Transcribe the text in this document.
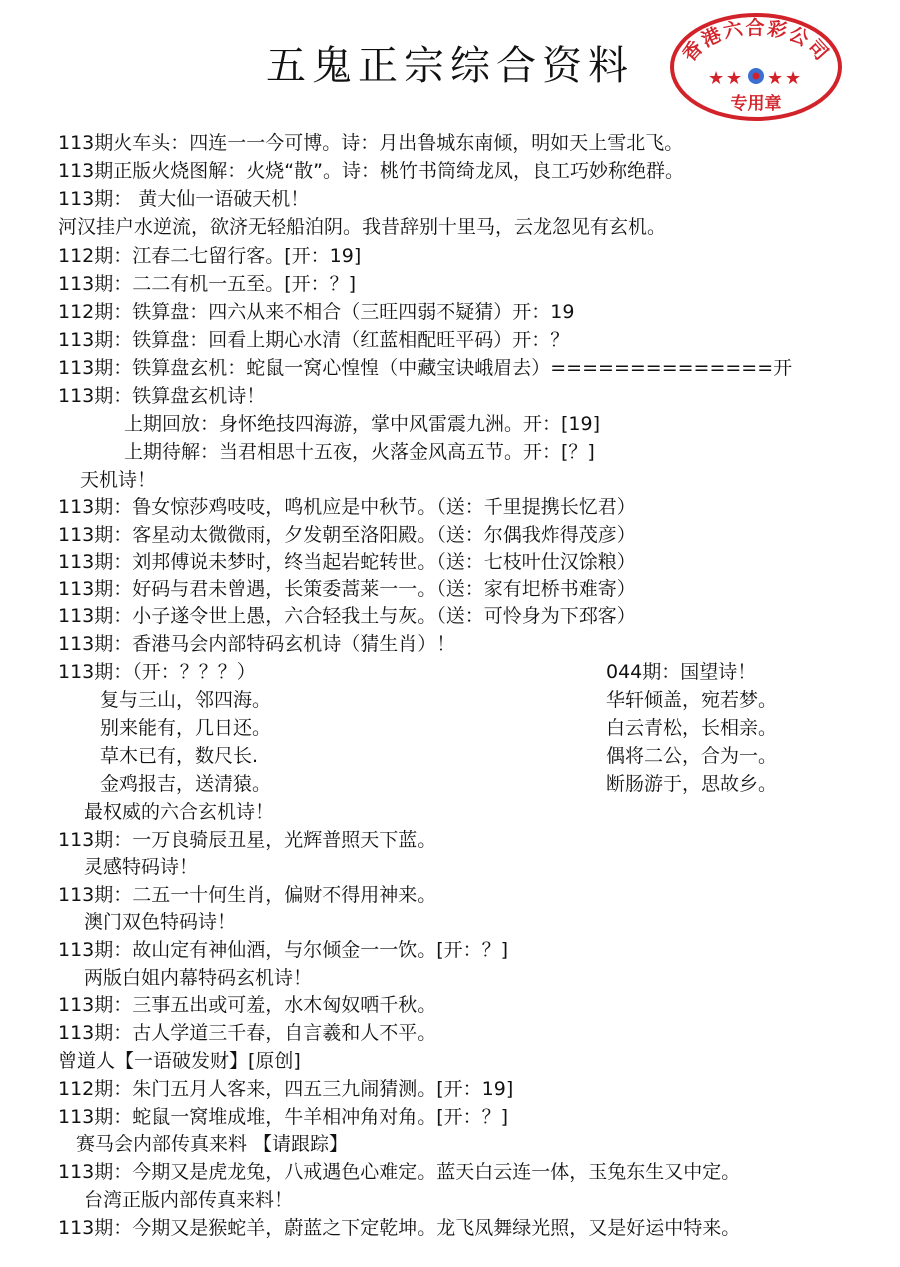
五鬼正宗综合资料	香港六合彩公司
★ ★ ★ ★
专用章
113期火车头：四连一一今可博。诗：月出鲁城东南倾，明如天上雪北飞。
113期正版火烧图解：火烧“散”。诗：桃竹书筒绮龙凤，良工巧妙称绝群。
113期： 黄大仙一语破天机！
河汉挂户水逆流，欲济无轻船泊阴。我昔辞别十里马，云龙忽见有玄机。
112期：江春二七留行客。[开：19]
113期：二二有机一五至。[开：？]
112期：铁算盘：四六从来不相合（三旺四弱不疑猜）开：19
113期：铁算盘：回看上期心水清（红蓝相配旺平码）开：？
113期：铁算盘玄机：蛇鼠一窝心惶惶（中藏宝诀峨眉去）==============开
113期：铁算盘玄机诗！
上期回放：身怀绝技四海游，掌中风雷震九洲。开：[19]
上期待解：当君相思十五夜，火落金风高五节。开：[？]
天机诗！
113期：鲁女惊莎鸡吱吱，鸣机应是中秋节。（送：千里提携长忆君）
113期：客星动太微微雨，夕发朝至洛阳殿。（送：尔偶我炸得茂彦）
113期：刘邦傅说未梦时，终当起岩蛇转世。（送：七枝叶仕汉馀粮）
113期：好码与君未曾遇，长策委蒿莱一一。（送：家有圯桥书难寄）
113期：小子遂令世上愚，六合轻我土与灰。（送：可怜身为下邳客）
113期：香港马会内部特码玄机诗（猜生肖）！
113期：（开：？？？）
复与三山，邻四海。
别来能有，几日还。
草木已有，数尺长.
金鸡报吉，送清猿。
最权威的六合玄机诗！
113期：一万良骑辰丑星，光辉普照天下蓝。
灵感特码诗！
113期：二五一十何生肖，偏财不得用神来。
澳门双色特码诗！
113期：故山定有神仙酒，与尔倾金一一饮。[开：？]
两版白姐内幕特码玄机诗！
113期：三事五出或可羞，水木匈奴哂千秋。
113期：古人学道三千春，自言羲和人不平。
曾道人【一语破发财】[原创]
112期：朱门五月人客来，四五三九闹猜测。[开：19]
113期：蛇鼠一窝堆成堆，牛羊相冲角对角。[开：？]
赛马会内部传真来料 【请跟踪】
113期：今期又是虎龙兔，八戒遇色心难定。蓝天白云连一体，玉兔东生又中定。
台湾正版内部传真来料！
113期：今期又是猴蛇羊，蔚蓝之下定乾坤。龙飞凤舞绿光照，又是好运中特来。
044期：国望诗！
华轩倾盖，宛若梦。
白云青松，长相亲。
偶将二公，合为一。
断肠游于，思故乡。
